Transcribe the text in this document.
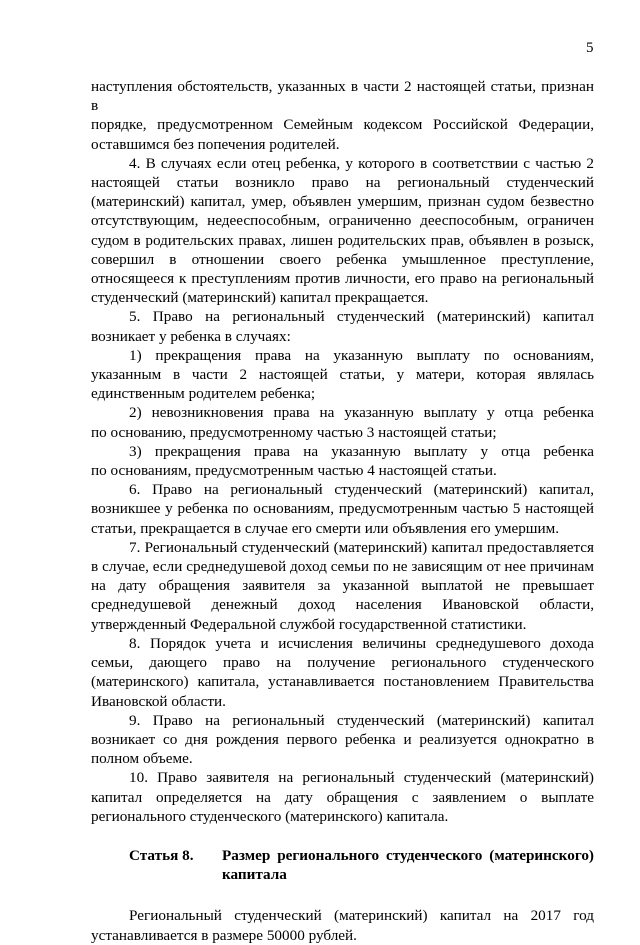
5
наступления обстоятельств, указанных в части 2 настоящей статьи, признан в
порядке, предусмотренном Семейным кодексом Российской Федерации,
оставшимся без попечения родителей.
4. В случаях если отец ребенка, у которого в соответствии с частью 2
настоящей статьи возникло право на региональный студенческий
(материнский) капитал, умер, объявлен умершим, признан судом безвестно
отсутствующим, недееспособным, ограниченно дееспособным, ограничен
судом в родительских правах, лишен родительских прав, объявлен в розыск,
совершил в отношении своего ребенка умышленное преступление,
относящееся к преступлениям против личности, его право на региональный
студенческий (материнский) капитал прекращается.
5. Право на региональный студенческий (материнский) капитал
возникает у ребенка в случаях:
1) прекращения права на указанную выплату по основаниям,
указанным в части 2 настоящей статьи, у матери, которая являлась
единственным родителем ребенка;
2) невозникновения права на указанную выплату у отца ребенка
по основанию, предусмотренному частью 3 настоящей статьи;
3) прекращения права на указанную выплату у отца ребенка
по основаниям, предусмотренным частью 4 настоящей статьи.
6. Право на региональный студенческий (материнский) капитал,
возникшее у ребенка по основаниям, предусмотренным частью 5 настоящей
статьи, прекращается в случае его смерти или объявления его умершим.
7. Региональный студенческий (материнский) капитал предоставляется
в случае, если среднедушевой доход семьи по не зависящим от нее причинам
на дату обращения заявителя за указанной выплатой не превышает
среднедушевой денежный доход населения Ивановской области,
утвержденный Федеральной службой государственной статистики.
8. Порядок учета и исчисления величины среднедушевого дохода
семьи, дающего право на получение регионального студенческого
(материнского) капитала, устанавливается постановлением Правительства
Ивановской области.
9. Право на региональный студенческий (материнский) капитал
возникает со дня рождения первого ребенка и реализуется однократно в
полном объеме.
10. Право заявителя на региональный студенческий (материнский)
капитал определяется на дату обращения с заявлением о выплате
регионального студенческого (материнского) капитала.
Статья 8.	Размер регионального студенческого (материнского)
капитала
Региональный студенческий (материнский) капитал на 2017 год
устанавливается в размере 50000 рублей.
